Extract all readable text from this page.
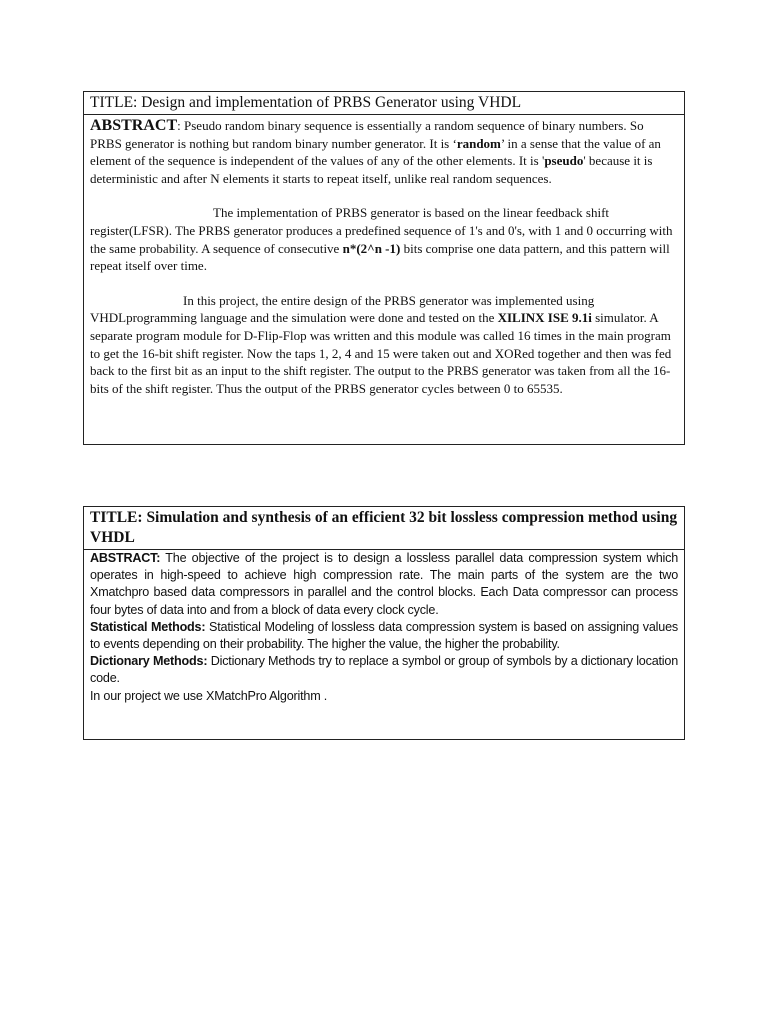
TITLE: Design and implementation of PRBS Generator using VHDL

ABSTRACT: Pseudo random binary sequence is essentially a random sequence of binary numbers. So PRBS generator is nothing but random binary number generator. It is ‘random’ in a sense that the value of an element of the sequence is independent of the values of any of the other elements. It is 'pseudo' because it is deterministic and after N elements it starts to repeat itself, unlike real random sequences.

The implementation of PRBS generator is based on the linear feedback shift register(LFSR). The PRBS generator produces a predefined sequence of 1's and 0's, with 1 and 0 occurring with the same probability. A sequence of consecutive n*(2^n -1) bits comprise one data pattern, and this pattern will repeat itself over time.

In this project, the entire design of the PRBS generator was implemented using VHDLprogramming language and the simulation were done and tested on the XILINX ISE 9.1i simulator. A separate program module for D-Flip-Flop was written and this module was called 16 times in the main program to get the 16-bit shift register. Now the taps 1, 2, 4 and 15 were taken out and XORed together and then was fed back to the first bit as an input to the shift register. The output to the PRBS generator was taken from all the 16-bits of the shift register. Thus the output of the PRBS generator cycles between 0 to 65535.

TITLE: Simulation and synthesis of an efficient 32 bit lossless compression method using VHDL

ABSTRACT: The objective of the project is to design a lossless parallel data compression system which operates in high-speed to achieve high compression rate. The main parts of the system are the two Xmatchpro based data compressors in parallel and the control blocks. Each Data compressor can process four bytes of data into and from a block of data every clock cycle.

Statistical Methods: Statistical Modeling of lossless data compression system is based on assigning values to events depending on their probability. The higher the value, the higher the probability.

Dictionary Methods: Dictionary Methods try to replace a symbol or group of symbols by a dictionary location code.

In our project we use XMatchPro Algorithm .
